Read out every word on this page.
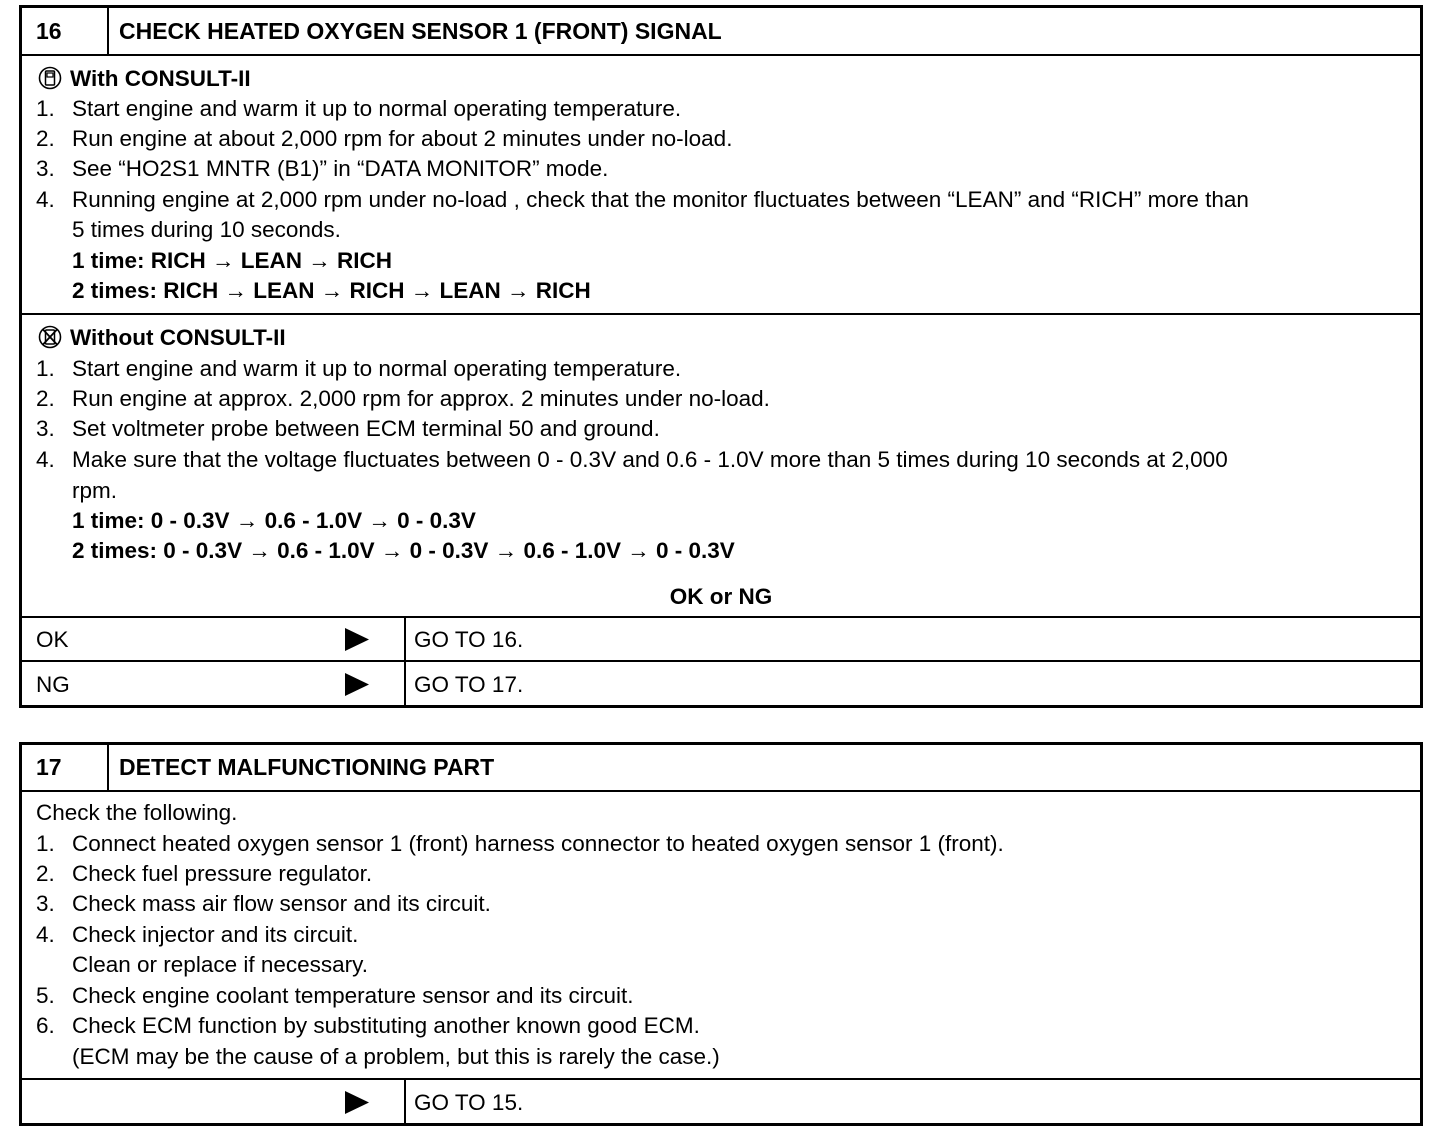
16	CHECK HEATED OXYGEN SENSOR 1 (FRONT) SIGNAL
With CONSULT-II
1. Start engine and warm it up to normal operating temperature.
2. Run engine at about 2,000 rpm for about 2 minutes under no-load.
3. See “HO2S1 MNTR (B1)” in “DATA MONITOR” mode.
4. Running engine at 2,000 rpm under no-load , check that the monitor fluctuates between “LEAN” and “RICH” more than
5 times during 10 seconds.
1 time: RICH → LEAN → RICH
2 times: RICH → LEAN → RICH → LEAN → RICH
Without CONSULT-II
1. Start engine and warm it up to normal operating temperature.
2. Run engine at approx. 2,000 rpm for approx. 2 minutes under no-load.
3. Set voltmeter probe between ECM terminal 50 and ground.
4. Make sure that the voltage fluctuates between 0 - 0.3V and 0.6 - 1.0V more than 5 times during 10 seconds at 2,000
rpm.
1 time: 0 - 0.3V → 0.6 - 1.0V → 0 - 0.3V
2 times: 0 - 0.3V → 0.6 - 1.0V → 0 - 0.3V → 0.6 - 1.0V → 0 - 0.3V
OK or NG
OK	GO TO 16.
NG	GO TO 17.
17	DETECT MALFUNCTIONING PART
Check the following.
1. Connect heated oxygen sensor 1 (front) harness connector to heated oxygen sensor 1 (front).
2. Check fuel pressure regulator.
3. Check mass air flow sensor and its circuit.
4. Check injector and its circuit.
Clean or replace if necessary.
5. Check engine coolant temperature sensor and its circuit.
6. Check ECM function by substituting another known good ECM.
(ECM may be the cause of a problem, but this is rarely the case.)
GO TO 15.
